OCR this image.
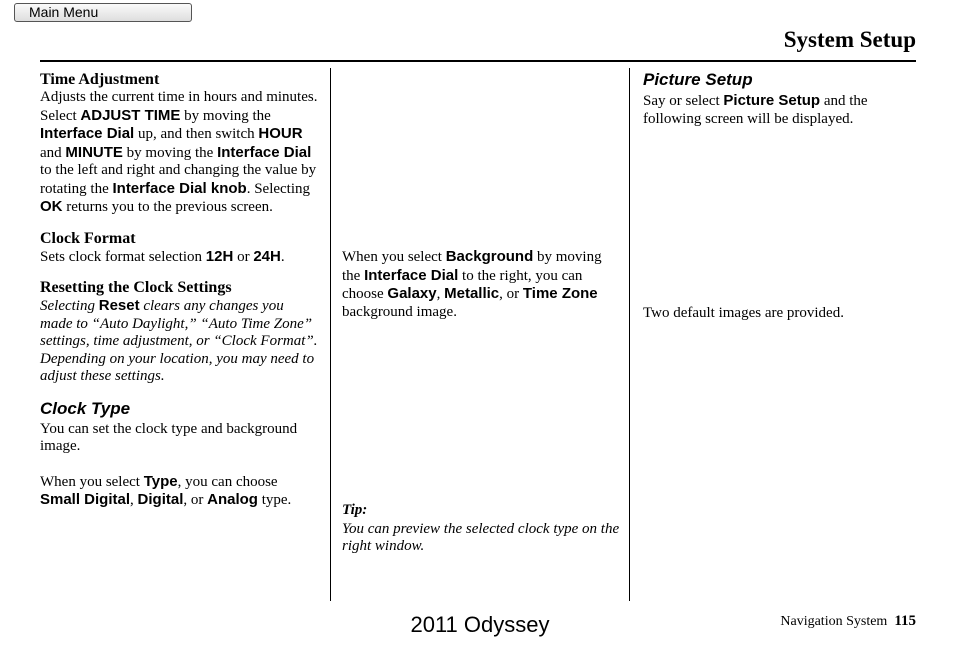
Main Menu
System Setup

Time Adjustment

Adjusts the current time in hours and minutes. Select ADJUST TIME by moving the Interface Dial up, and then switch HOUR and MINUTE by moving the Interface Dial to the left and right and changing the value by rotating the Interface Dial knob. Selecting OK returns you to the previous screen.

Clock Format

Sets clock format selection 12H or 24H.

Resetting the Clock Settings

Selecting Reset clears any changes you made to “Auto Daylight,” “Auto Time Zone” settings, time adjustment, or “Clock Format”. Depending on your location, you may need to adjust these settings.

Clock Type

You can set the clock type and background image.

When you select Type, you can choose Small Digital, Digital, or Analog type.

When you select Background by moving the Interface Dial to the right, you can choose Galaxy, Metallic, or Time Zone background image.

Tip:

You can preview the selected clock type on the right window.

Picture Setup

Say or select Picture Setup and the following screen will be displayed.

Two default images are provided.
Navigation System 115
2011 Odyssey
